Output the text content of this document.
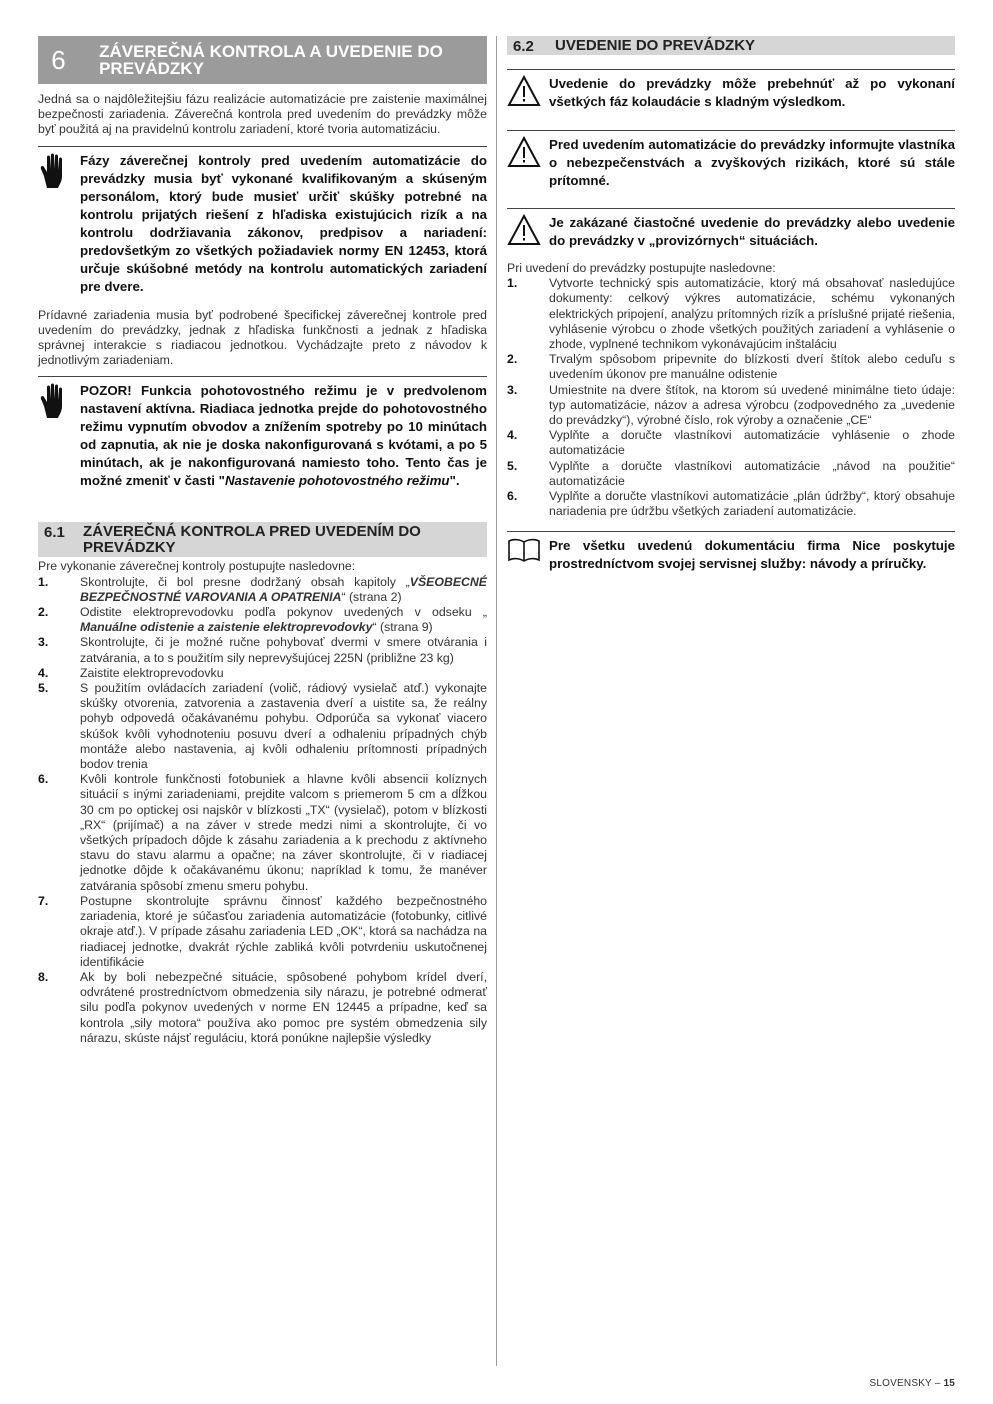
6	ZÁVEREČNÁ KONTROLA A UVEDENIE DO PREVÁDZKY

Jedná sa o najdôležitejšiu fázu realizácie automatizácie pre zaistenie maximálnej bezpečnosti zariadenia. Záverečná kontrola pred uvedením do prevádzky môže byť použitá aj na pravidelnú kontrolu zariadení, ktoré tvoria automatizáciu.

Fázy záverečnej kontroly pred uvedením automatizácie do prevádzky musia byť vykonané kvalifikovaným a skúseným personálom, ktorý bude musieť určiť skúšky potrebné na kontrolu prijatých riešení z hľadiska existujúcich rizík a na kontrolu dodržiavania zákonov, predpisov a nariadení: predovšetkým zo všetkých požiadaviek normy EN 12453, ktorá určuje skúšobné metódy na kontrolu automatických zariadení pre dvere.

Prídavné zariadenia musia byť podrobené špecifickej záverečnej kontrole pred uvedením do prevádzky, jednak z hľadiska funkčnosti a jednak z hľadiska správnej interakcie s riadiacou jednotkou. Vychádzajte preto z návodov k jednotlivým zariadeniam.

POZOR! Funkcia pohotovostného režimu je v predvolenom nastavení aktívna. Riadiaca jednotka prejde do pohotovostného režimu vypnutím obvodov a znížením spotreby po 10 minútach od zapnutia, ak nie je doska nakonfigurovaná s kvótami, a po 5 minútach, ak je nakonfigurovaná namiesto toho. Tento čas je možné zmeniť v časti "Nastavenie pohotovostného režimu".
6.1	ZÁVEREČNÁ KONTROLA PRED UVEDENÍM DO PREVÁDZKY

Pre vykonanie záverečnej kontroly postupujte nasledovne:

1.	Skontrolujte, či bol presne dodržaný obsah kapitoly „VŠEOBECNÉ BEZPEČNOSTNÉ VAROVANIA A OPATRENIA“ (strana 2)
2.	Odistite elektroprevodovku podľa pokynov uvedených v odseku „ Manuálne odistenie a zaistenie elektroprevodovky“ (strana 9)
3.	Skontrolujte, či je možné ručne pohybovať dvermi v smere otvárania i zatvárania, a to s použitím sily neprevyšujúcej 225N (približne 23 kg)
4.	Zaistite elektroprevodovku
5.	S použitím ovládacích zariadení (volič, rádiový vysielač atď.) vykonajte skúšky otvorenia, zatvorenia a zastavenia dverí a uistite sa, že reálny pohyb odpovedá očakávanému pohybu. Odporúča sa vykonať viacero skúšok kvôli vyhodnoteniu posuvu dverí a odhaleniu prípadných chýb montáže alebo nastavenia, aj kvôli odhaleniu prítomnosti prípadných bodov trenia
6.	Kvôli kontrole funkčnosti fotobuniek a hlavne kvôli absencii kolíznych situácií s inými zariadeniami, prejdite valcom s priemerom 5 cm a dĺžkou 30 cm po optickej osi najskôr v blízkosti „TX“ (vysielač), potom v blízkosti „RX“ (prijímač) a na záver v strede medzi nimi a skontrolujte, či vo všetkých prípadoch dôjde k zásahu zariadenia a k prechodu z aktívneho stavu do stavu alarmu a opačne; na záver skontrolujte, či v riadiacej jednotke dôjde k očakávanému úkonu; napríklad k tomu, že manéver zatvárania spôsobí zmenu smeru pohybu.
7.	Postupne skontrolujte správnu činnosť každého bezpečnostného zariadenia, ktoré je súčasťou zariadenia automatizácie (fotobunky, citlivé okraje atď.). V prípade zásahu zariadenia LED „OK“, ktorá sa nachádza na riadiacej jednotke, dvakrát rýchle zabliká kvôli potvrdeniu uskutočnenej identifikácie
8.	Ak by boli nebezpečné situácie, spôsobené pohybom krídel dverí, odvrátené prostredníctvom obmedzenia sily nárazu, je potrebné odmerať silu podľa pokynov uvedených v norme EN 12445 a prípadne, keď sa kontrola „sily motora“ používa ako pomoc pre systém obmedzenia sily nárazu, skúste nájsť reguláciu, ktorá ponúkne najlepšie výsledky
6.2	UVEDENIE DO PREVÁDZKY
Uvedenie do prevádzky môže prebehnúť až po vykonaní všetkých fáz kolaudácie s kladným výsledkom.
Pred uvedením automatizácie do prevádzky informujte vlastníka o nebezpečenstvách a zvyškových rizikách, ktoré sú stále prítomné.
Je zakázané čiastočné uvedenie do prevádzky alebo uvedenie do prevádzky v „provizórnych“ situáciách.

Pri uvedení do prevádzky postupujte nasledovne:

1.	Vytvorte technický spis automatizácie, ktorý má obsahovať nasledujúce dokumenty: celkový výkres automatizácie, schému vykonaných elektrických pripojení, analýzu prítomných rizík a príslušné prijaté riešenia, vyhlásenie výrobcu o zhode všetkých použitých zariadení a vyhlásenie o zhode, vyplnené technikom vykonávajúcim inštaláciu
2.	Trvalým spôsobom pripevnite do blízkosti dverí štítok alebo ceduľu s uvedením úkonov pre manuálne odistenie
3.	Umiestnite na dvere štítok, na ktorom sú uvedené minimálne tieto údaje: typ automatizácie, názov a adresa výrobcu (zodpovedného za „uvedenie do prevádzky“), výrobné číslo, rok výroby a označenie „CE“
4.	Vyplňte a doručte vlastníkovi automatizácie vyhlásenie o zhode automatizácie
5.	Vyplňte a doručte vlastníkovi automatizácie „návod na použitie“ automatizácie
6.	Vyplňte a doručte vlastníkovi automatizácie „plán údržby“, ktorý obsahuje nariadenia pre údržbu všetkých zariadení automatizácie.
Pre všetku uvedenú dokumentáciu firma Nice poskytuje prostredníctvom svojej servisnej služby: návody a príručky.
SLOVENSKY – 15
